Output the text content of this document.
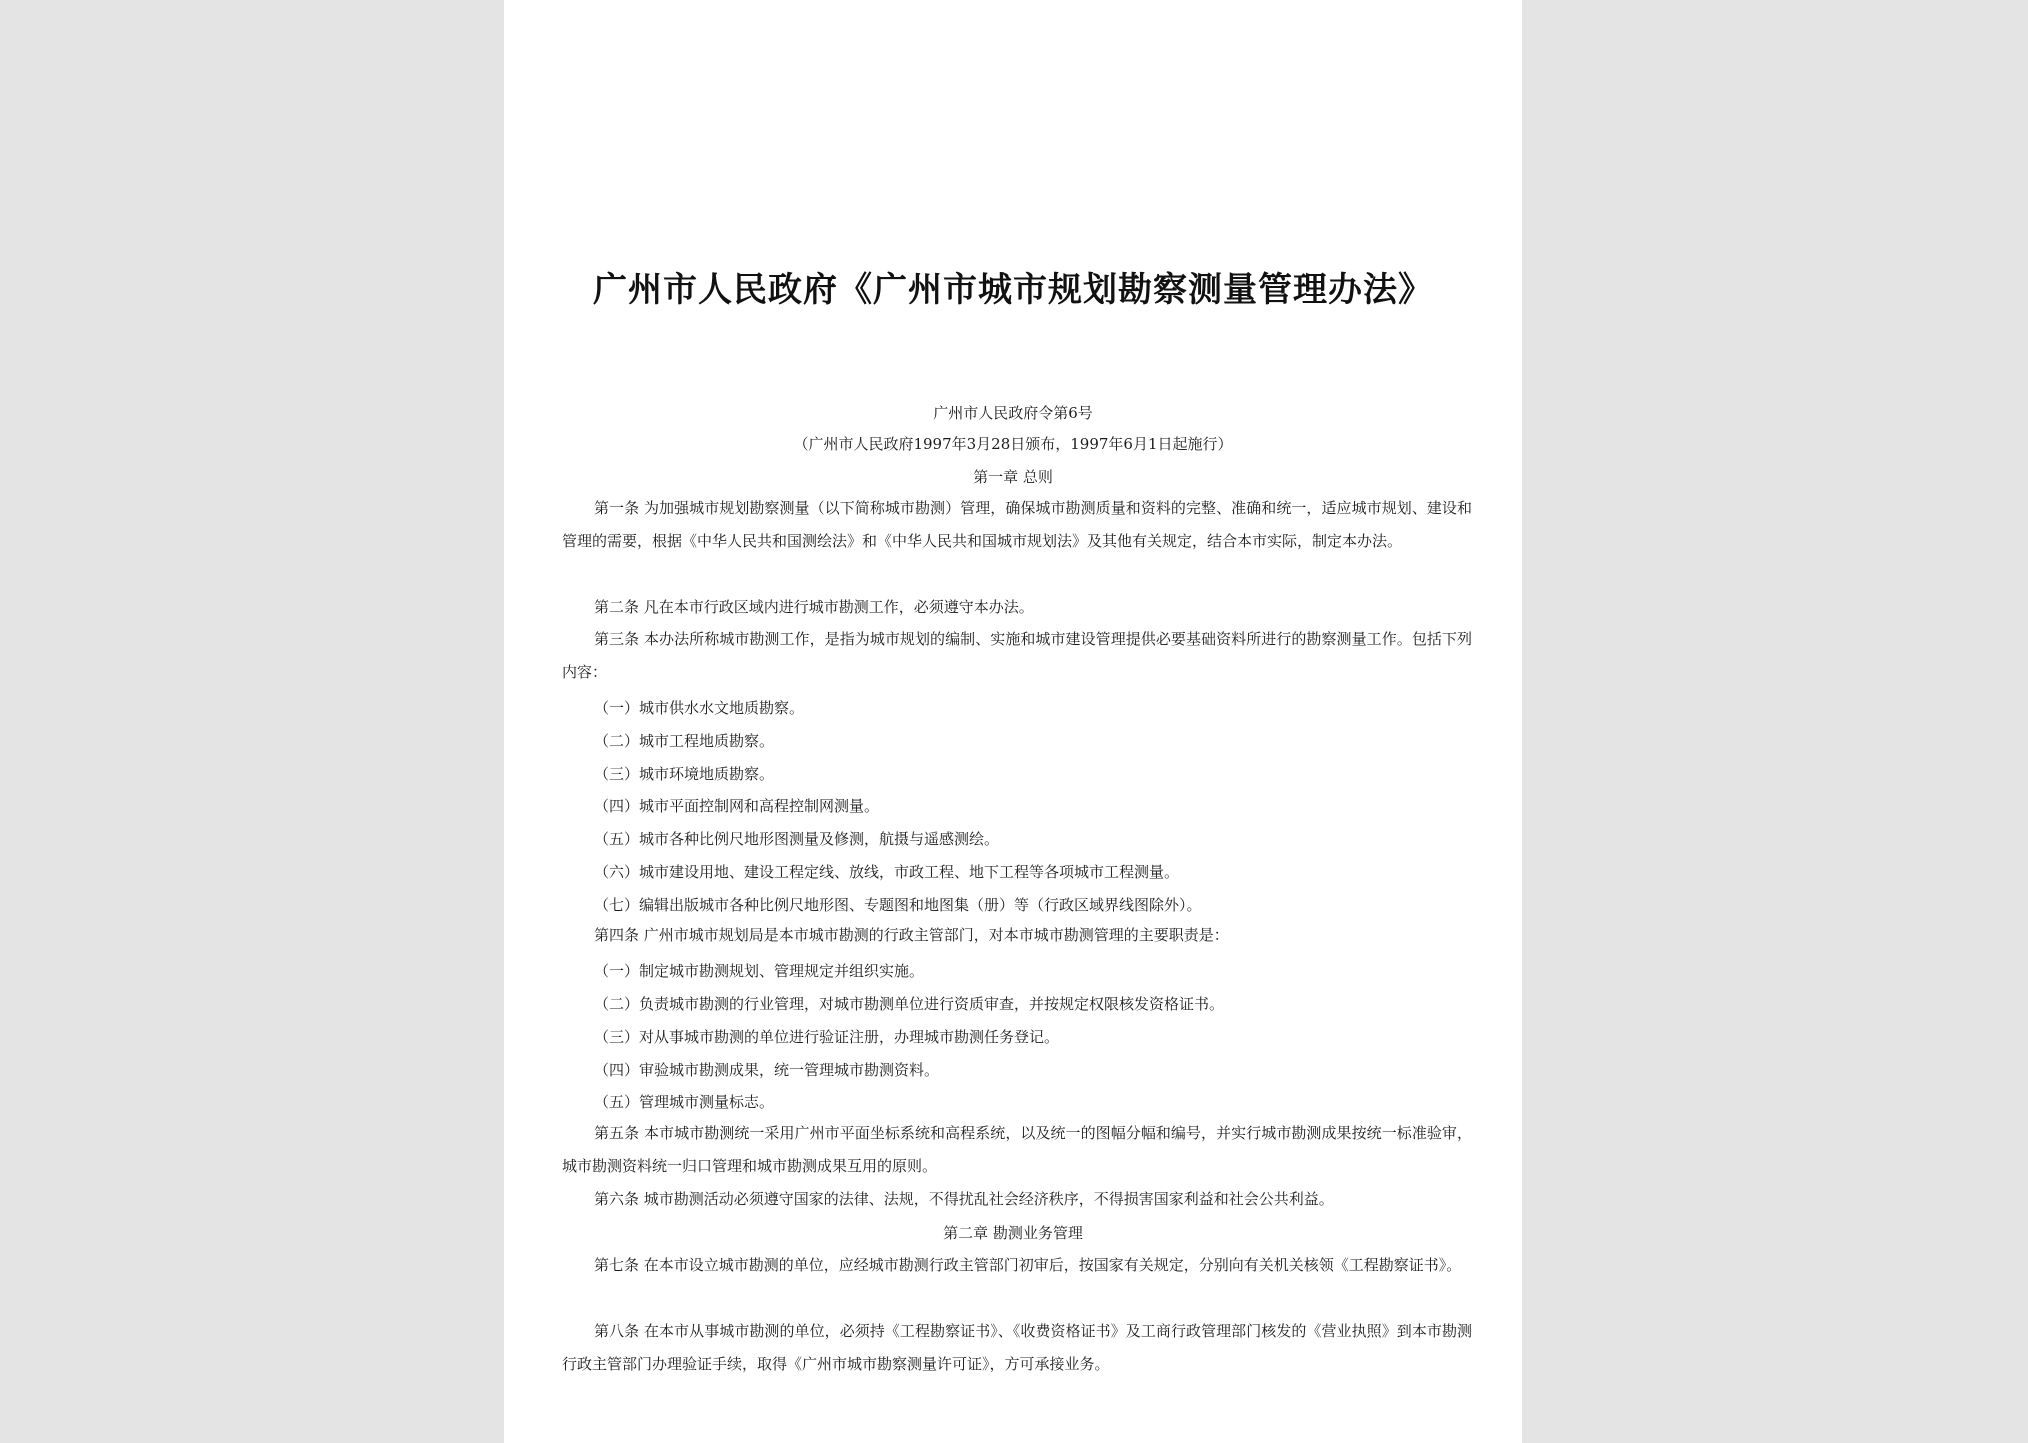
广州市人民政府《广州市城市规划勘察测量管理办法》
广州市人民政府令第6号
（广州市人民政府1997年3月28日颁布，1997年6月1日起施行）
第一章 总则
第一条 为加强城市规划勘察测量（以下简称城市勘测）管理，确保城市勘测质量和资料的完整、准确和统一，适应城市规划、建设和管理的需要，根据《中华人民共和国测绘法》和《中华人民共和国城市规划法》及其他有关规定，结合本市实际，制定本办法。
第二条 凡在本市行政区域内进行城市勘测工作，必须遵守本办法。
第三条 本办法所称城市勘测工作，是指为城市规划的编制、实施和城市建设管理提供必要基础资料所进行的勘察测量工作。包括下列内容：
（一）城市供水水文地质勘察。
（二）城市工程地质勘察。
（三）城市环境地质勘察。
（四）城市平面控制网和高程控制网测量。
（五）城市各种比例尺地形图测量及修测，航摄与遥感测绘。
（六）城市建设用地、建设工程定线、放线，市政工程、地下工程等各项城市工程测量。
（七）编辑出版城市各种比例尺地形图、专题图和地图集（册）等（行政区域界线图除外）。
第四条 广州市城市规划局是本市城市勘测的行政主管部门，对本市城市勘测管理的主要职责是：
（一）制定城市勘测规划、管理规定并组织实施。
（二）负责城市勘测的行业管理，对城市勘测单位进行资质审查，并按规定权限核发资格证书。
（三）对从事城市勘测的单位进行验证注册，办理城市勘测任务登记。
（四）审验城市勘测成果，统一管理城市勘测资料。
（五）管理城市测量标志。
第五条 本市城市勘测统一采用广州市平面坐标系统和高程系统，以及统一的图幅分幅和编号，并实行城市勘测成果按统一标准验审，城市勘测资料统一归口管理和城市勘测成果互用的原则。
第六条 城市勘测活动必须遵守国家的法律、法规，不得扰乱社会经济秩序，不得损害国家利益和社会公共利益。
第二章 勘测业务管理
第七条 在本市设立城市勘测的单位，应经城市勘测行政主管部门初审后，按国家有关规定，分别向有关机关核领《工程勘察证书》。
第八条 在本市从事城市勘测的单位，必须持《工程勘察证书》、《收费资格证书》及工商行政管理部门核发的《营业执照》到本市勘测行政主管部门办理验证手续，取得《广州市城市勘察测量许可证》，方可承接业务。
